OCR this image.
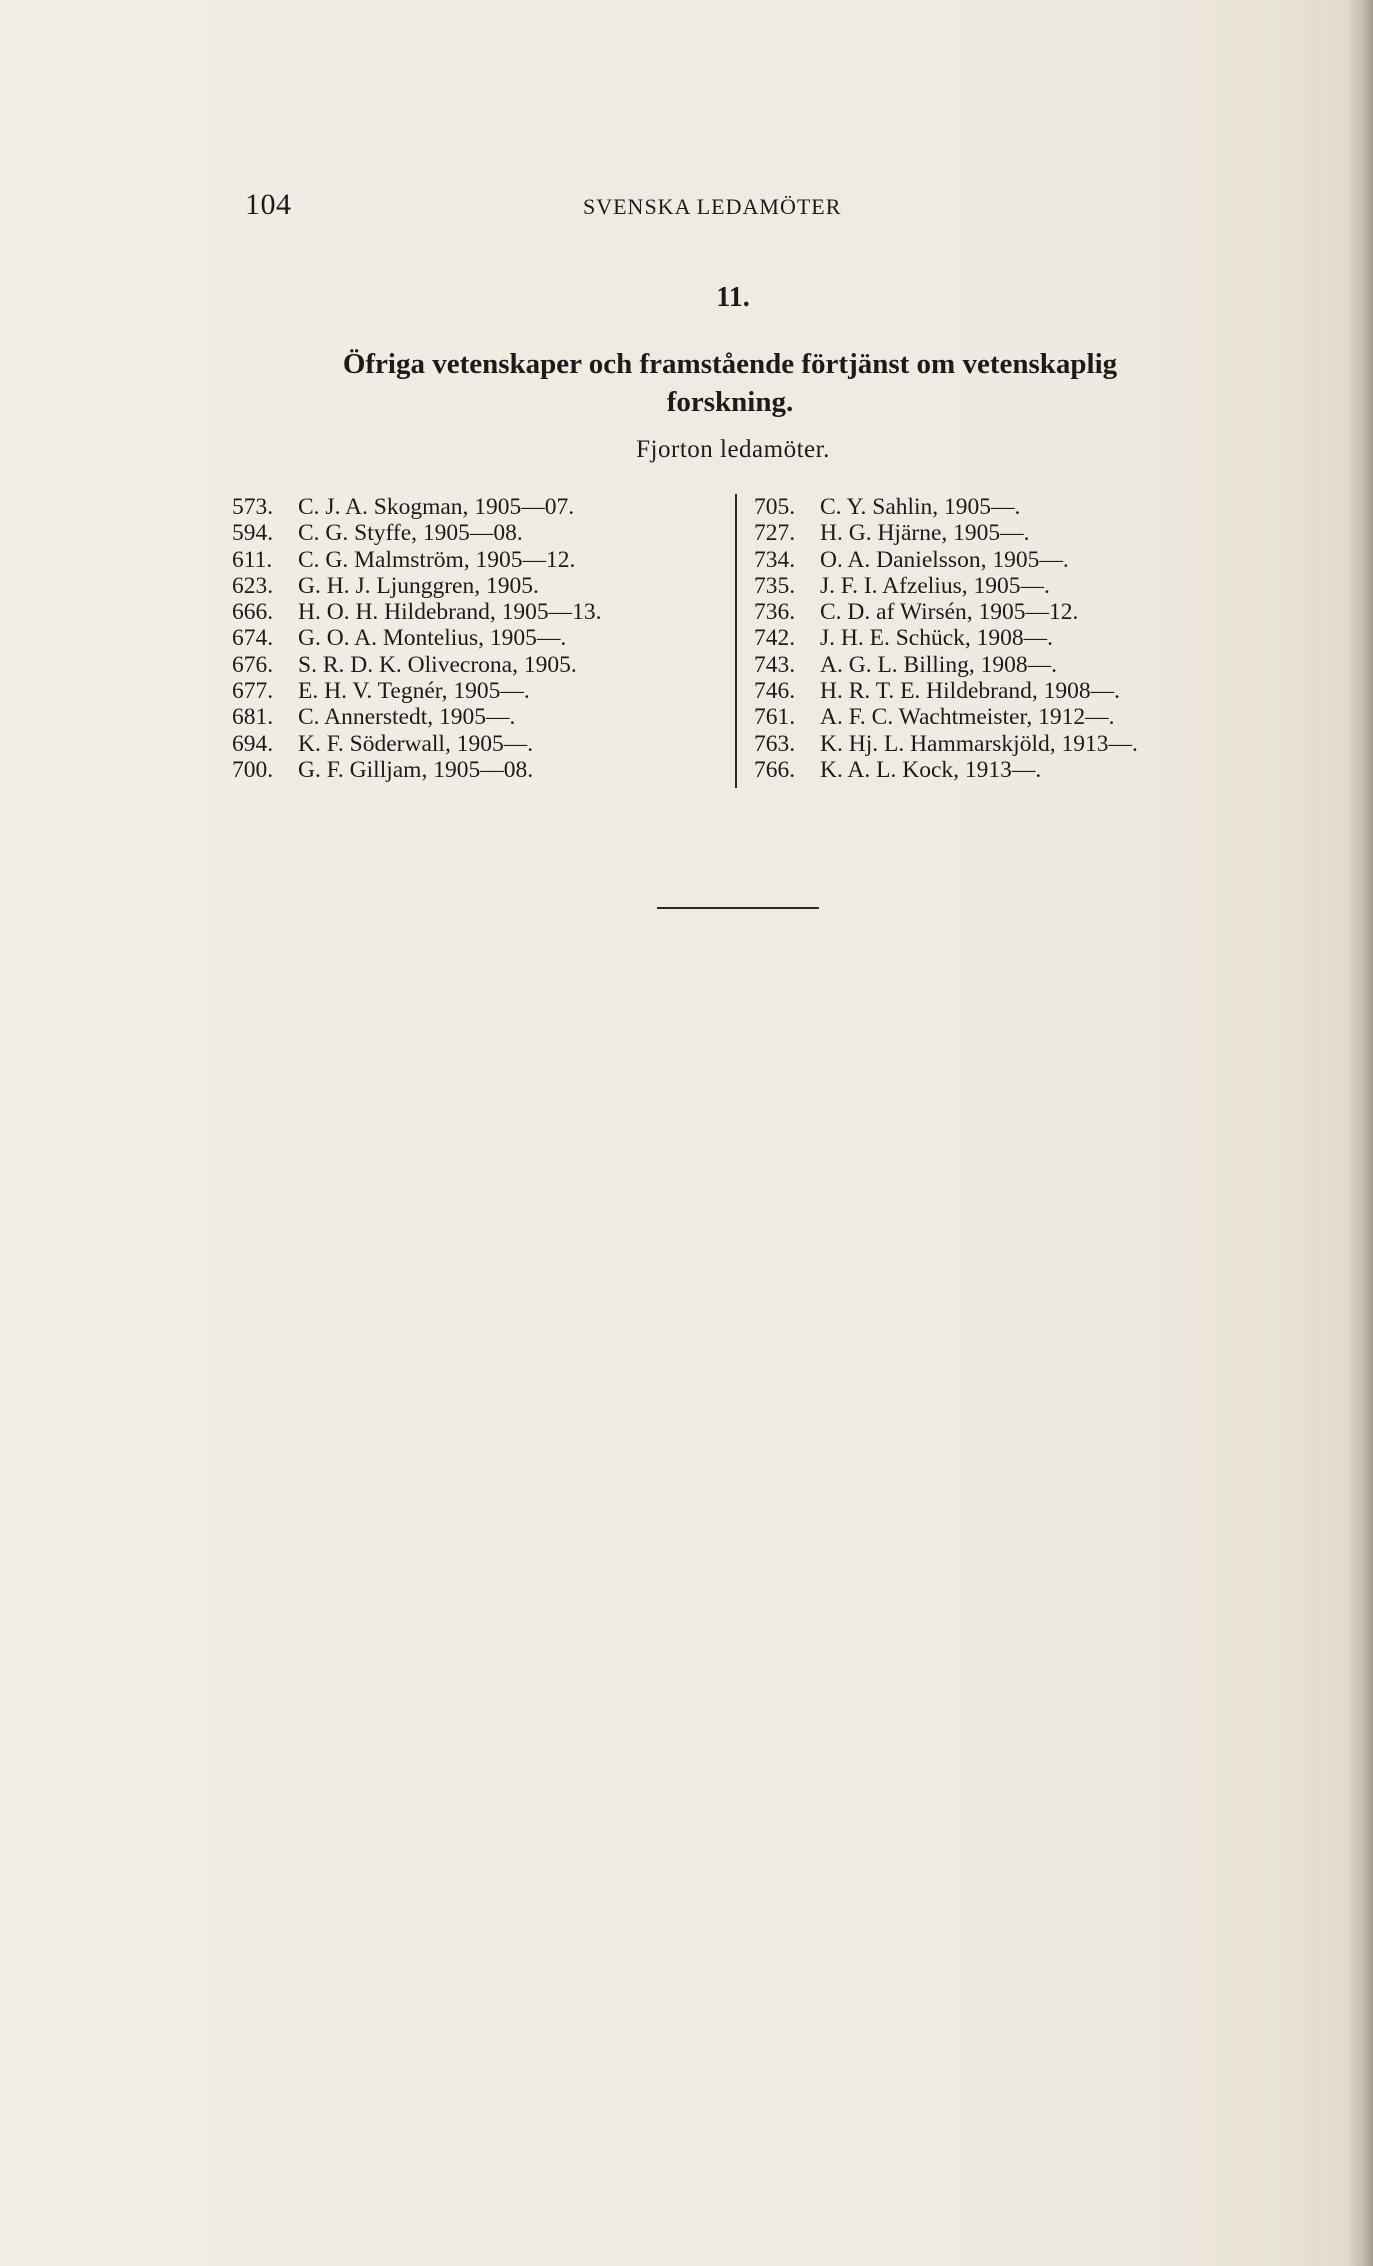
104	SVENSKA LEDAMÖTER
11.
Öfriga vetenskaper och framstående förtjänst om vetenskaplig
forskning.
Fjorton ledamöter.
573. C. J. A. Skogman, 1905—07.
594. C. G. Styffe, 1905—08.
611. C. G. Malmström, 1905—12.
623. G. H. J. Ljunggren, 1905.
666. H. O. H. Hildebrand, 1905—13.
674. G. O. A. Montelius, 1905—.
676. S. R. D. K. Olivecrona, 1905.
677. E. H. V. Tegnér, 1905—.
681. C. Annerstedt, 1905—.
694. K. F. Söderwall, 1905—.
700. G. F. Gilljam, 1905—08.
705. C. Y. Sahlin, 1905—.
727. H. G. Hjärne, 1905—.
734. O. A. Danielsson, 1905—.
735. J. F. I. Afzelius, 1905—.
736. C. D. af Wirsén, 1905—12.
742. J. H. E. Schück, 1908—.
743. A. G. L. Billing, 1908—.
746. H. R. T. E. Hildebrand, 1908—.
761. A. F. C. Wachtmeister, 1912—.
763. K. Hj. L. Hammarskjöld, 1913—.
766. K. A. L. Kock, 1913—.
